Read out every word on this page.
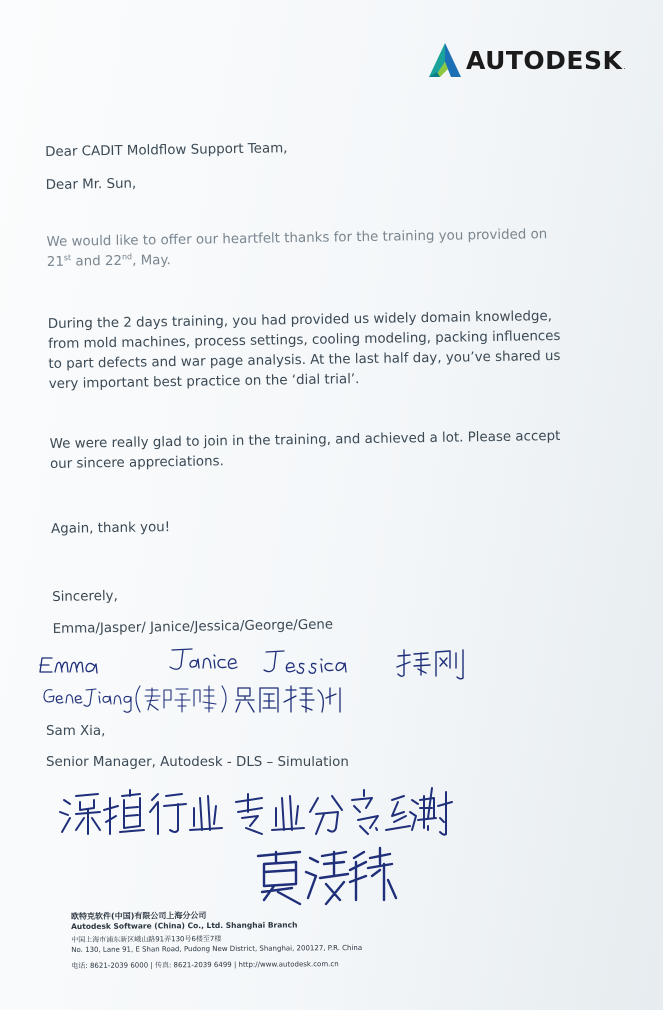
AUTODESK .

Dear CADIT Moldflow Support Team,

Dear Mr. Sun,

We would like to offer our heartfelt thanks for the training you provided on

21st and 22nd, May.

During the 2 days training, you had provided us widely domain knowledge,

from mold machines, process settings, cooling modeling, packing influences

to part defects and war page analysis. At the last half day, you’ve shared us

very important best practice on the ‘dial trial’.

We were really glad to join in the training, and achieved a lot. Please accept

our sincere appreciations.

Again, thank you!

Sincerely,

Emma/Jasper/ Janice/Jessica/George/Gene

Sam Xia,
Senior Manager, Autodesk - DLS – Simulation
欧特克软件(中国)有限公司上海分公司
Autodesk Software (China) Co., Ltd. Shanghai Branch
中国上海市浦东新区峨山路91弄130号6楼至7楼
No. 130, Lane 91, E Shan Road, Pudong New District, Shanghai, 200127, P.R. China
电话: 8621-2039 6000 | 传真: 8621-2039 6499 | http://www.autodesk.com.cn
